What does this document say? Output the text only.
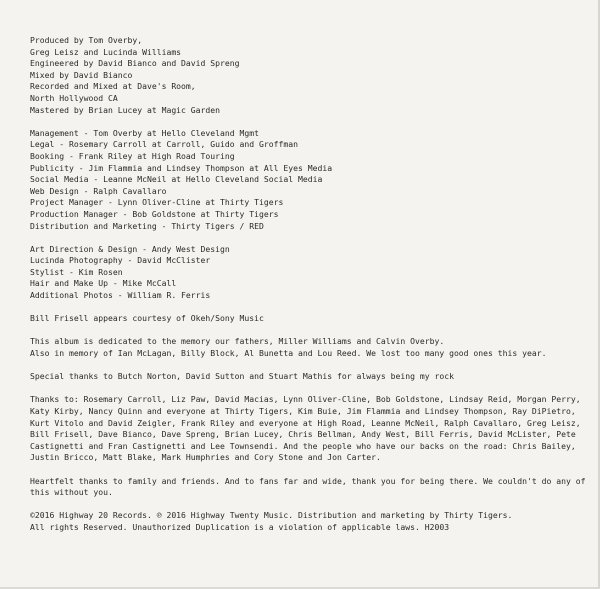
Produced by Tom Overby,
Greg Leisz and Lucinda Williams
Engineered by David Bianco and David Spreng
Mixed by David Bianco
Recorded and Mixed at Dave's Room,
North Hollywood CA
Mastered by Brian Lucey at Magic Garden
Management - Tom Overby at Hello Cleveland Mgmt
Legal - Rosemary Carroll at Carroll, Guido and Groffman
Booking - Frank Riley at High Road Touring
Publicity - Jim Flammia and Lindsey Thompson at All Eyes Media
Social Media - Leanne McNeil at Hello Cleveland Social Media
Web Design - Ralph Cavallaro
Project Manager - Lynn Oliver-Cline at Thirty Tigers
Production Manager - Bob Goldstone at Thirty Tigers
Distribution and Marketing - Thirty Tigers / RED
Art Direction & Design - Andy West Design
Lucinda Photography - David McClister
Stylist - Kim Rosen
Hair and Make Up - Mike McCall
Additional Photos - William R. Ferris
Bill Frisell appears courtesy of Okeh/Sony Music
This album is dedicated to the memory our fathers, Miller Williams and Calvin Overby.
Also in memory of Ian McLagan, Billy Block, Al Bunetta and Lou Reed. We lost too many good ones this year.
Special thanks to Butch Norton, David Sutton and Stuart Mathis for always being my rock
Thanks to: Rosemary Carroll, Liz Paw, David Macias, Lynn Oliver-Cline, Bob Goldstone, Lindsay Reid, Morgan Perry,
Katy Kirby, Nancy Quinn and everyone at Thirty Tigers, Kim Buie, Jim Flammia and Lindsey Thompson, Ray DiPietro,
Kurt Vitolo and David Zeigler, Frank Riley and everyone at High Road, Leanne McNeil, Ralph Cavallaro, Greg Leisz,
Bill Frisell, Dave Bianco, Dave Spreng, Brian Lucey, Chris Bellman, Andy West, Bill Ferris, David McLister, Pete
Castignetti and Fran Castignetti and Lee Townsendi. And the people who have our backs on the road: Chris Bailey,
Justin Bricco, Matt Blake, Mark Humphries and Cory Stone and Jon Carter.
Heartfelt thanks to family and friends. And to fans far and wide, thank you for being there. We couldn't do any of
this without you.
©2016 Highway 20 Records. ℗ 2016 Highway Twenty Music. Distribution and marketing by Thirty Tigers.
All rights Reserved. Unauthorized Duplication is a violation of applicable laws. H2003
